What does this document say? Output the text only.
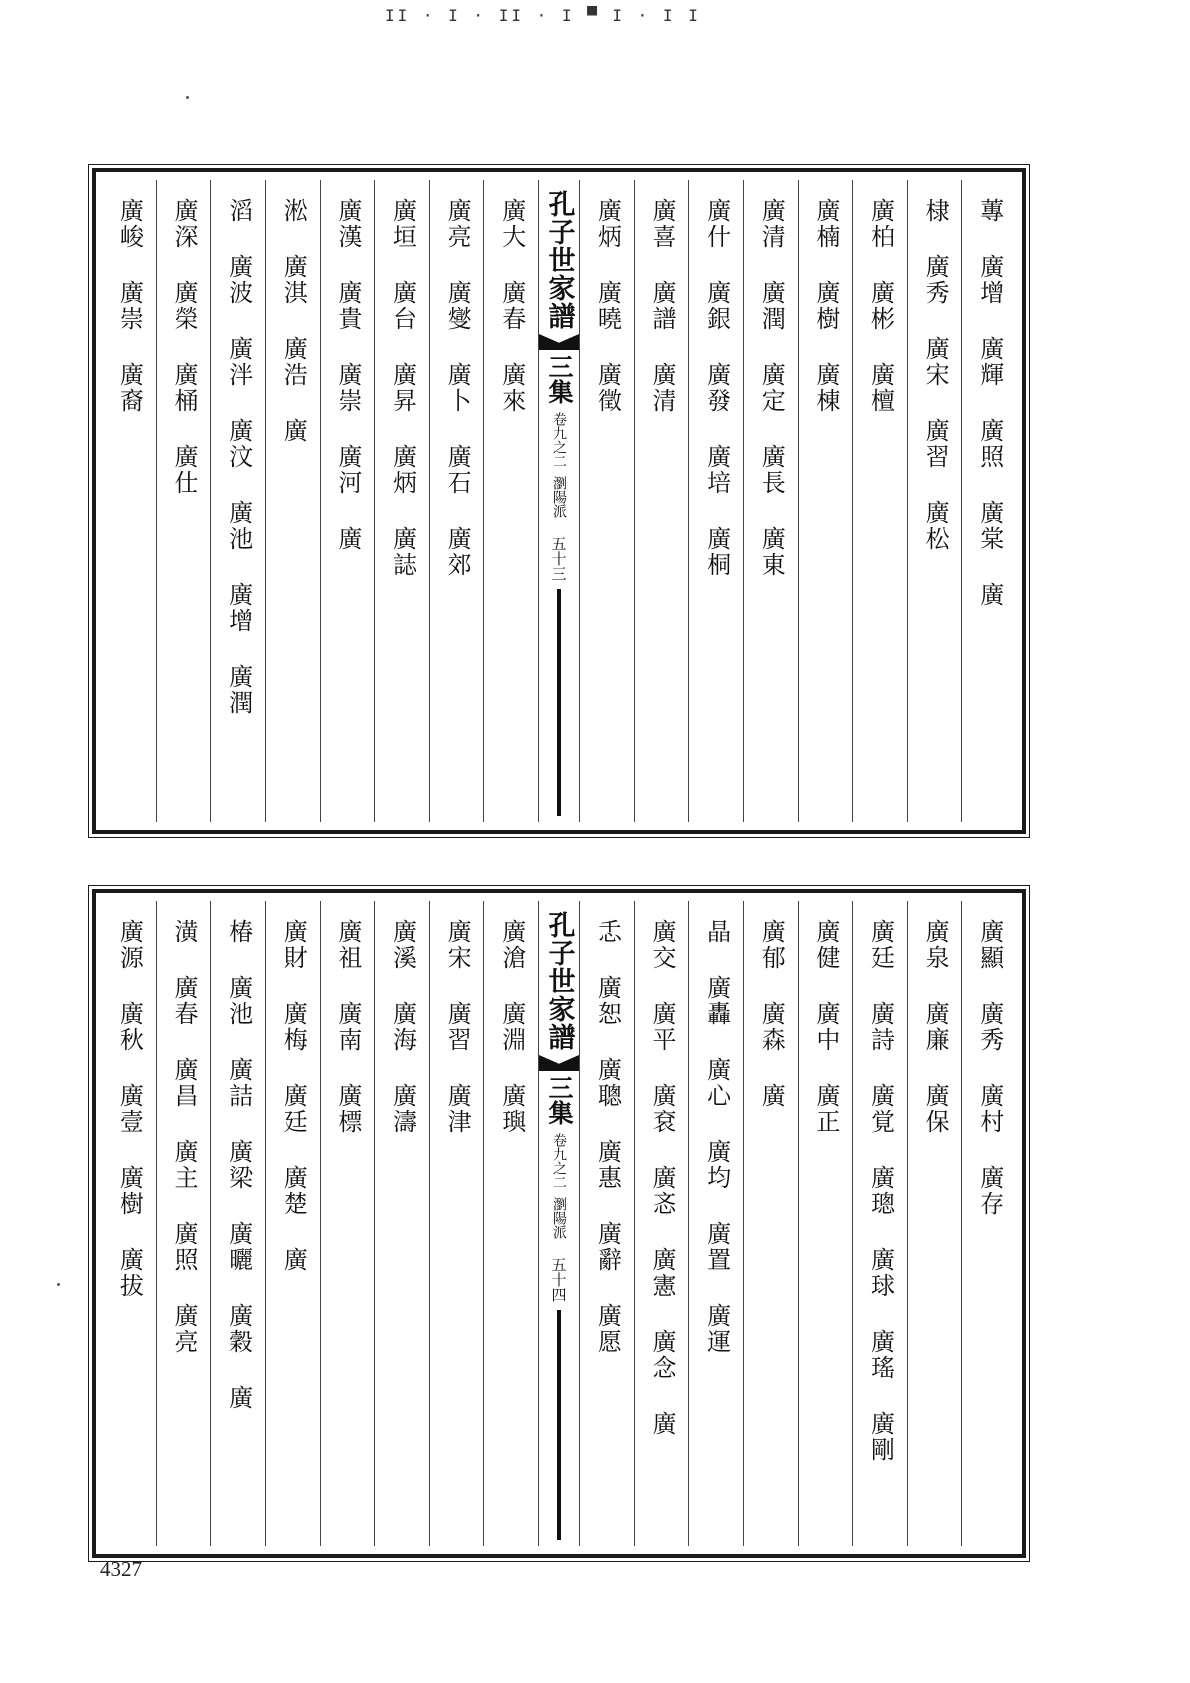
II · I · II · I ▀ I · I I
蓴 廣增 廣輝 廣照 廣棠 廣
棣 廣秀 廣宋 廣習 廣松
廣柏 廣彬 廣檀
廣楠 廣樹 廣棟
廣清 廣潤 廣定 廣長 廣東
廣什 廣銀 廣發 廣培 廣桐
廣喜 廣譜 廣清
廣炳 廣曉 廣徵
孔子世家譜
三集
卷九之二
瀏陽派
五十三
廣大 廣春 廣來
廣亮 廣燮 廣卜 廣石 廣郊
廣垣 廣台 廣昇 廣炳 廣誌
廣漢 廣貴 廣崇 廣河 廣
淞 廣淇 廣浩 廣
滔 廣波 廣泮 廣汶 廣池 廣增 廣潤
廣深 廣榮 廣桶 廣仕
廣峻 廣崇 廣裔
廣顯 廣秀 廣村 廣存
廣泉 廣廉 廣保
廣廷 廣詩 廣覚 廣璁 廣球 廣瑤 廣剛
廣健 廣中 廣正
廣郁 廣森 廣
晶 廣轟 廣心 廣均 廣置 廣運
廣交 廣平 廣袞 廣忞 廣憲 廣念 廣
忎 廣恕 廣聰 廣惠 廣辭 廣愿
孔子世家譜
三集
卷九之二
瀏陽派
五十四
廣滄 廣淵 廣璵
廣宋 廣習 廣津
廣溪 廣海 廣濤
廣祖 廣南 廣標
廣財 廣梅 廣廷 廣楚 廣
椿 廣池 廣詰 廣梁 廣曬 廣穀 廣
潢 廣春 廣昌 廣主 廣照 廣亮
廣源 廣秋 廣壹 廣樹 廣拔
4327
